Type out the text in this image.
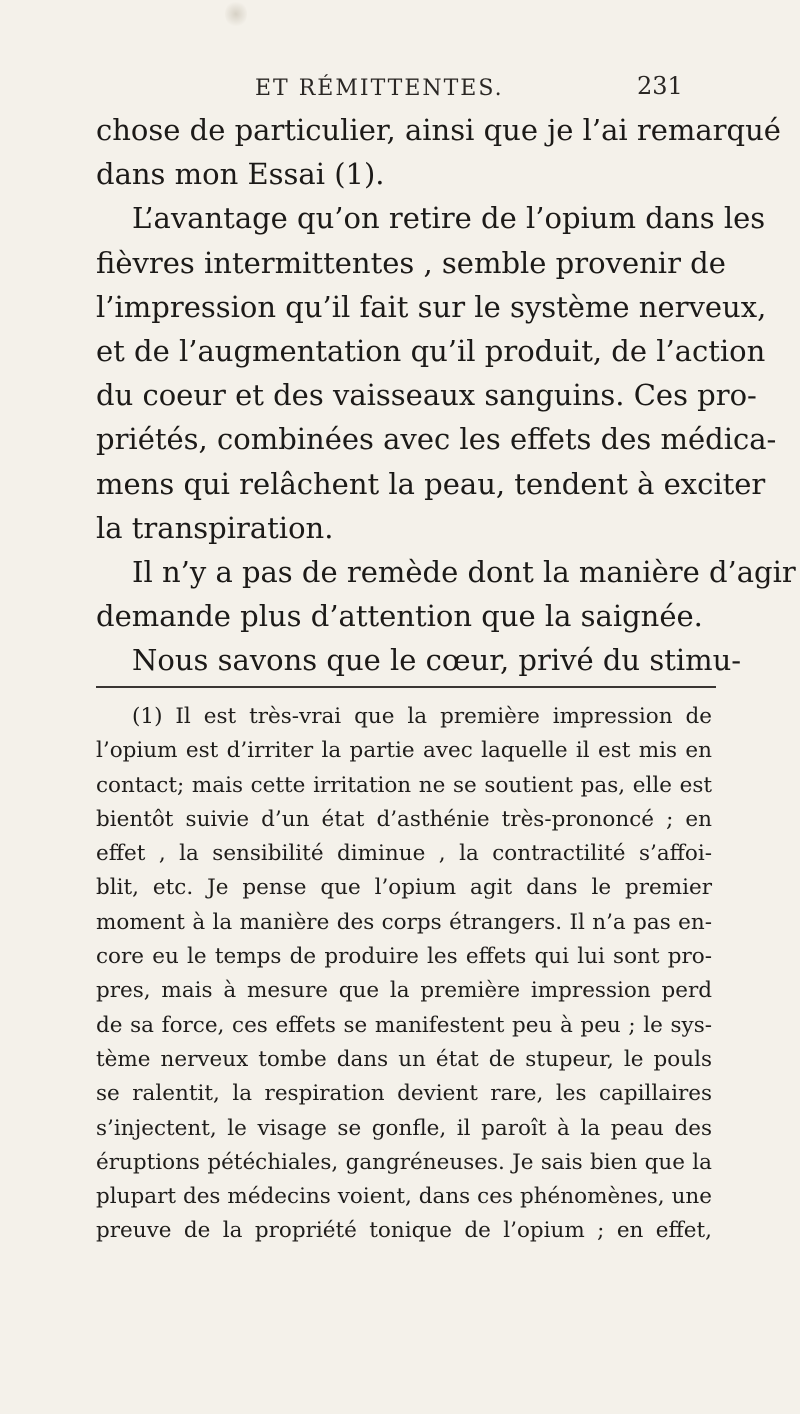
ET RÉMITTENTES.	231
chose de particulier, ainsi que je l’ai remarqué
dans mon Essai (1).
L’avantage qu’on retire de l’opium dans les
fièvres intermittentes , semble provenir de
l’impression qu’il fait sur le système nerveux,
et de l’augmentation qu’il produit, de l’action
du coeur et des vaisseaux sanguins. Ces pro-
priétés, combinées avec les effets des médica-
mens qui relâchent la peau, tendent à exciter
la transpiration.
Il n’y a pas de remède dont la manière d’agir
demande plus d’attention que la saignée.
Nous savons que le cœur, privé du stimu-
(1) Il est très-vrai que la première impression de
l’opium est d’irriter la partie avec laquelle il est mis en
contact; mais cette irritation ne se soutient pas, elle est
bientôt suivie d’un état d’asthénie très-prononcé ; en
effet , la sensibilité diminue , la contractilité s’affoi-
blit, etc. Je pense que l’opium agit dans le premier
moment à la manière des corps étrangers. Il n’a pas en-
core eu le temps de produire les effets qui lui sont pro-
pres, mais à mesure que la première impression perd
de sa force, ces effets se manifestent peu à peu ; le sys-
tème nerveux tombe dans un état de stupeur, le pouls
se ralentit, la respiration devient rare, les capillaires
s’injectent, le visage se gonfle, il paroît à la peau des
éruptions pétéchiales, gangréneuses. Je sais bien que la
plupart des médecins voient, dans ces phénomènes, une
preuve de la propriété tonique de l’opium ; en effet,
